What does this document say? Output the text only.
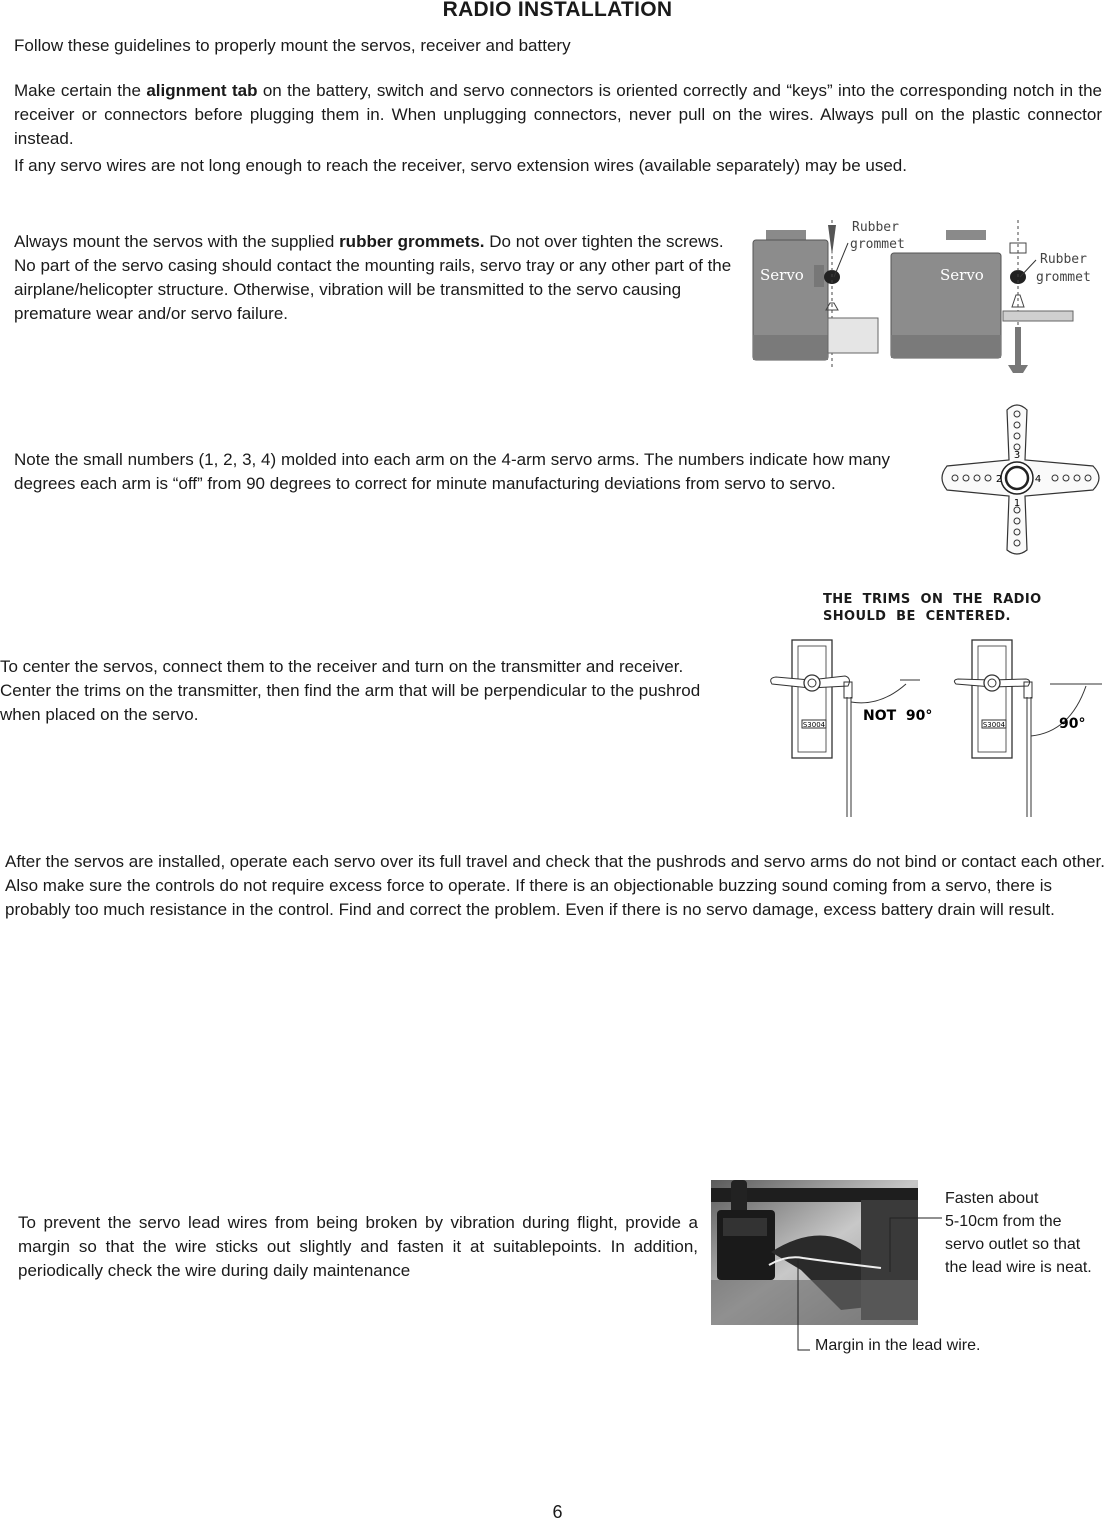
RADIO INSTALLATION
Follow these guidelines to properly mount the servos, receiver and battery
Make certain the alignment tab on the battery, switch and servo connectors is oriented correctly and “keys” into the corresponding notch in the receiver or connectors before plugging them in. When unplugging connectors, never pull on the wires. Always pull on the plastic connector instead.
If any servo wires are not long enough to reach the receiver, servo extension wires (available separately) may be used.
Always mount the servos with the supplied rubber grommets. Do not over tighten the screws. No part of the servo casing should contact the mounting rails, servo tray or any other part of the airplane/helicopter structure. Otherwise, vibration will be transmitted to the servo causing premature wear and/or servo failure.
Servo
Rubber
grommet
Servo
Rubber
grommet
Note the small numbers (1, 2, 3, 4) molded into each arm on the 4-arm servo arms. The numbers indicate how many degrees each arm is “off” from 90 degrees to correct for minute manufacturing deviations from servo to servo.
3
2	4
1
THE  TRIMS  ON  THE  RADIO
SHOULD  BE  CENTERED.
To center the servos, connect them to the receiver and turn on the transmitter and receiver. Center the trims on the transmitter, then find the arm that will be perpendicular to the pushrod when placed on the servo.
S3004
NOT  90°
S3004	90°
After the servos are installed, operate each servo over its full travel and check that the pushrods and servo arms do not bind or contact each other. Also make sure the controls do not require excess force to operate. If there is an objectionable buzzing sound coming from a servo, there is probably too much resistance in the control. Find and correct the problem. Even if there is no servo damage, excess battery drain will result.
To prevent the servo lead wires from being broken by vibration during flight, provide a margin so that the wire sticks out slightly and fasten it at suitablepoints. In addition, periodically check the wire during daily maintenance
Fasten about
5-10cm from the
servo outlet so that
the lead wire is neat.
Margin in the lead wire.
6
